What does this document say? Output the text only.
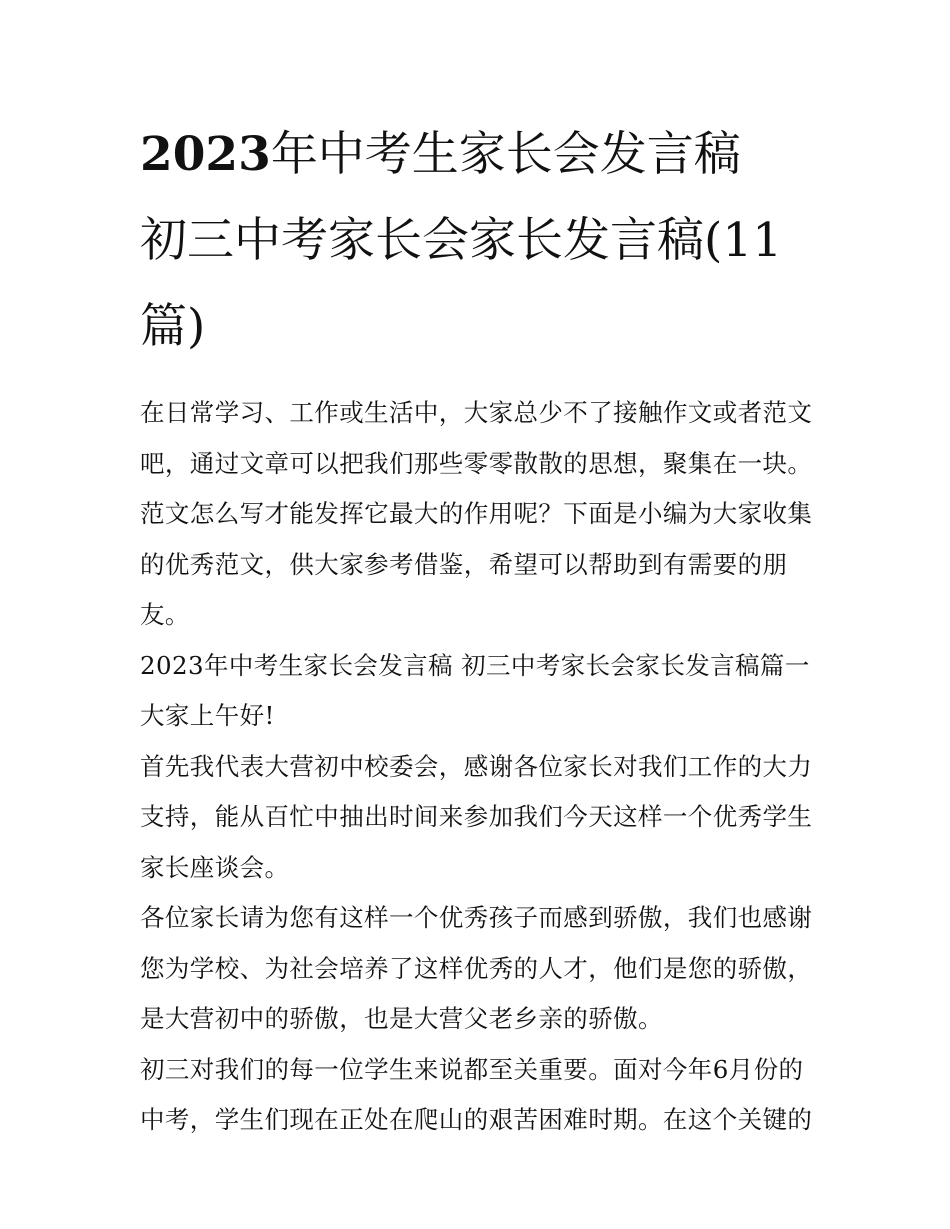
2023年中考生家长会发言稿
初三中考家长会家长发言稿(11
篇)

在日常学习、工作或生活中，大家总少不了接触作文或者范文吧，通过文章可以把我们那些零零散散的思想，聚集在一块。范文怎么写才能发挥它最大的作用呢？下面是小编为大家收集的优秀范文，供大家参考借鉴，希望可以帮助到有需要的朋友。

2023年中考生家长会发言稿 初三中考家长会家长发言稿篇一

大家上午好!

首先我代表大营初中校委会，感谢各位家长对我们工作的大力支持，能从百忙中抽出时间来参加我们今天这样一个优秀学生家长座谈会。

各位家长请为您有这样一个优秀孩子而感到骄傲，我们也感谢您为学校、为社会培养了这样优秀的人才，他们是您的骄傲，是大营初中的骄傲，也是大营父老乡亲的骄傲。

初三对我们的每一位学生来说都至关重要。面对今年6月份的中考，学生们现在正处在爬山的艰苦困难时期。在这个关键的
